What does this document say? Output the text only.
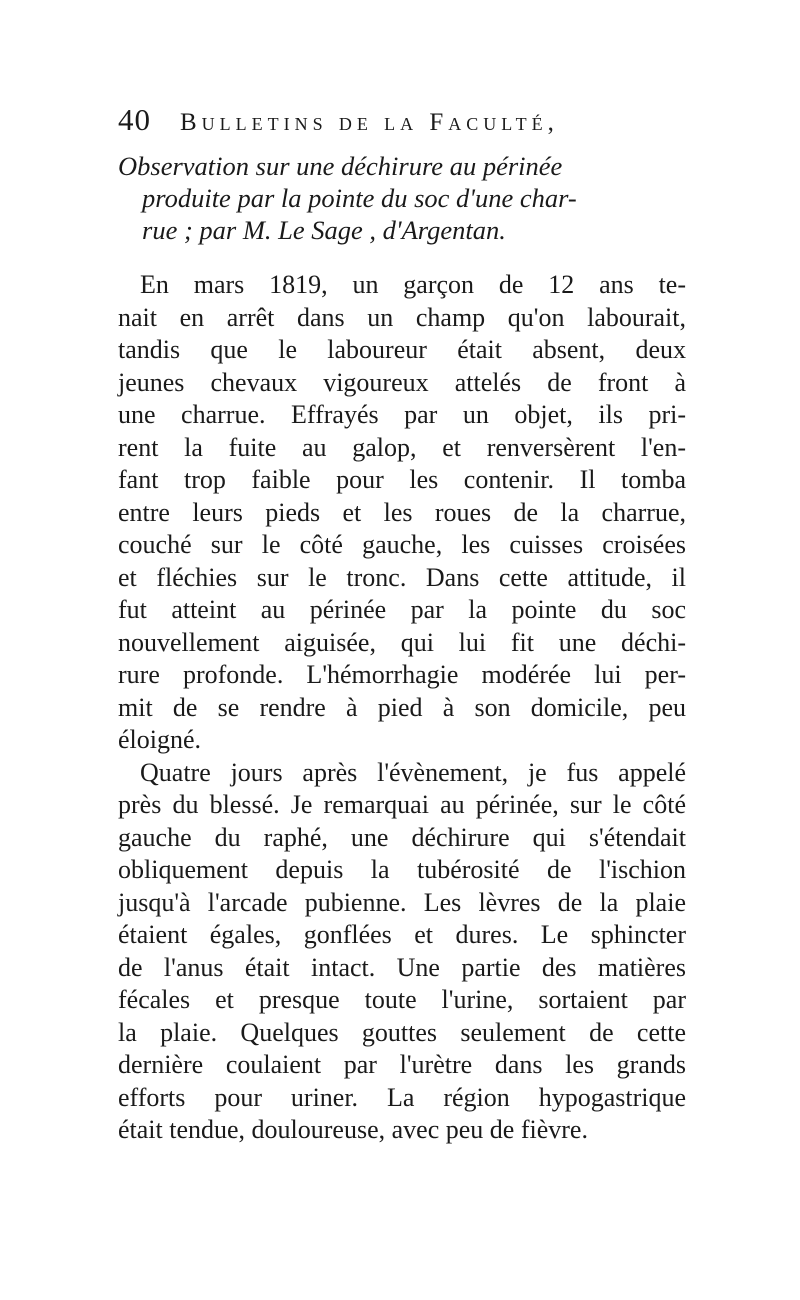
40	Bulletins de la Faculté,
Observation sur une déchirure au périnée
produite par la pointe du soc d'une char-
rue ; par M. Le Sage , d'Argentan.
En mars 1819, un garçon de 12 ans te-
nait en arrêt dans un champ qu'on labourait,
tandis que le laboureur était absent, deux
jeunes chevaux vigoureux attelés de front à
une charrue. Effrayés par un objet, ils pri-
rent la fuite au galop, et renversèrent l'en-
fant trop faible pour les contenir. Il tomba
entre leurs pieds et les roues de la charrue,
couché sur le côté gauche, les cuisses croisées
et fléchies sur le tronc. Dans cette attitude, il
fut atteint au périnée par la pointe du soc
nouvellement aiguisée, qui lui fit une déchi-
rure profonde. L'hémorrhagie modérée lui per-
mit de se rendre à pied à son domicile, peu
éloigné.
Quatre jours après l'évènement, je fus appelé
près du blessé. Je remarquai au périnée, sur le côté
gauche du raphé, une déchirure qui s'étendait
obliquement depuis la tubérosité de l'ischion
jusqu'à l'arcade pubienne. Les lèvres de la plaie
étaient égales, gonflées et dures. Le sphincter
de l'anus était intact. Une partie des matières
fécales et presque toute l'urine, sortaient par
la plaie. Quelques gouttes seulement de cette
dernière coulaient par l'urètre dans les grands
efforts pour uriner. La région hypogastrique
était tendue, douloureuse, avec peu de fièvre.
